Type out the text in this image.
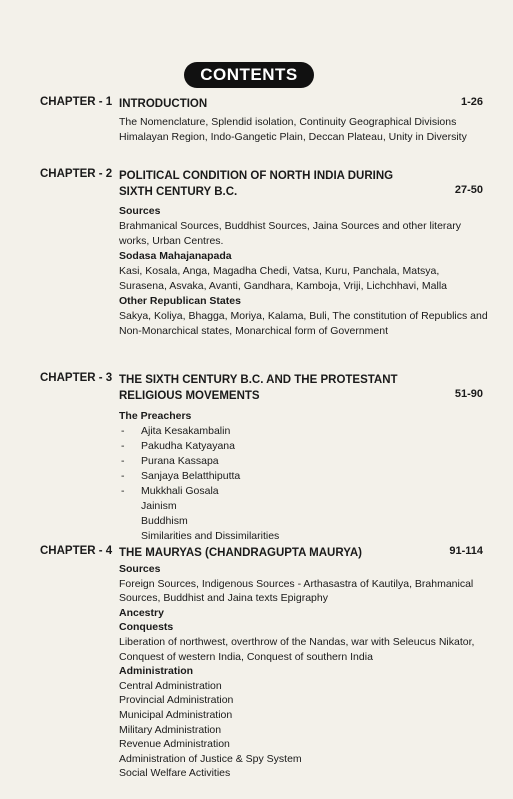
CONTENTS
CHAPTER - 1 INTRODUCTION	1-26
The Nomenclature, Splendid isolation, Continuity Geographical Divisions Himalayan Region, Indo-Gangetic Plain, Deccan Plateau, Unity in Diversity
CHAPTER - 2 POLITICAL CONDITION OF NORTH INDIA DURING SIXTH CENTURY B.C.	27-50
Sources
Brahmanical Sources, Buddhist Sources, Jaina Sources and other literary works, Urban Centres.
Sodasa Mahajanapada
Kasi, Kosala, Anga, Magadha Chedi, Vatsa, Kuru, Panchala, Matsya, Surasena, Asvaka, Avanti, Gandhara, Kamboja, Vriji, Lichchhavi, Malla
Other Republican States
Sakya, Koliya, Bhagga, Moriya, Kalama, Buli, The constitution of Republics and Non-Monarchical states, Monarchical form of Government
CHAPTER - 3 THE SIXTH CENTURY B.C. AND THE PROTESTANT RELIGIOUS MOVEMENTS	51-90
The Preachers
- Ajita Kesakambalin
- Pakudha Katyayana
- Purana Kassapa
- Sanjaya Belatthiputta
- Mukkhali Gosala
Jainism
Buddhism
Similarities and Dissimilarities
CHAPTER - 4 THE MAURYAS (CHANDRAGUPTA MAURYA)	91-114
Sources
Foreign Sources, Indigenous Sources - Arthasastra of Kautilya, Brahmanical Sources, Buddhist and Jaina texts Epigraphy
Ancestry
Conquests
Liberation of northwest, overthrow of the Nandas, war with Seleucus Nikator, Conquest of western India, Conquest of southern India
Administration
Central Administration
Provincial Administration
Municipal Administration
Military Administration
Revenue Administration
Administration of Justice & Spy System
Social Welfare Activities
